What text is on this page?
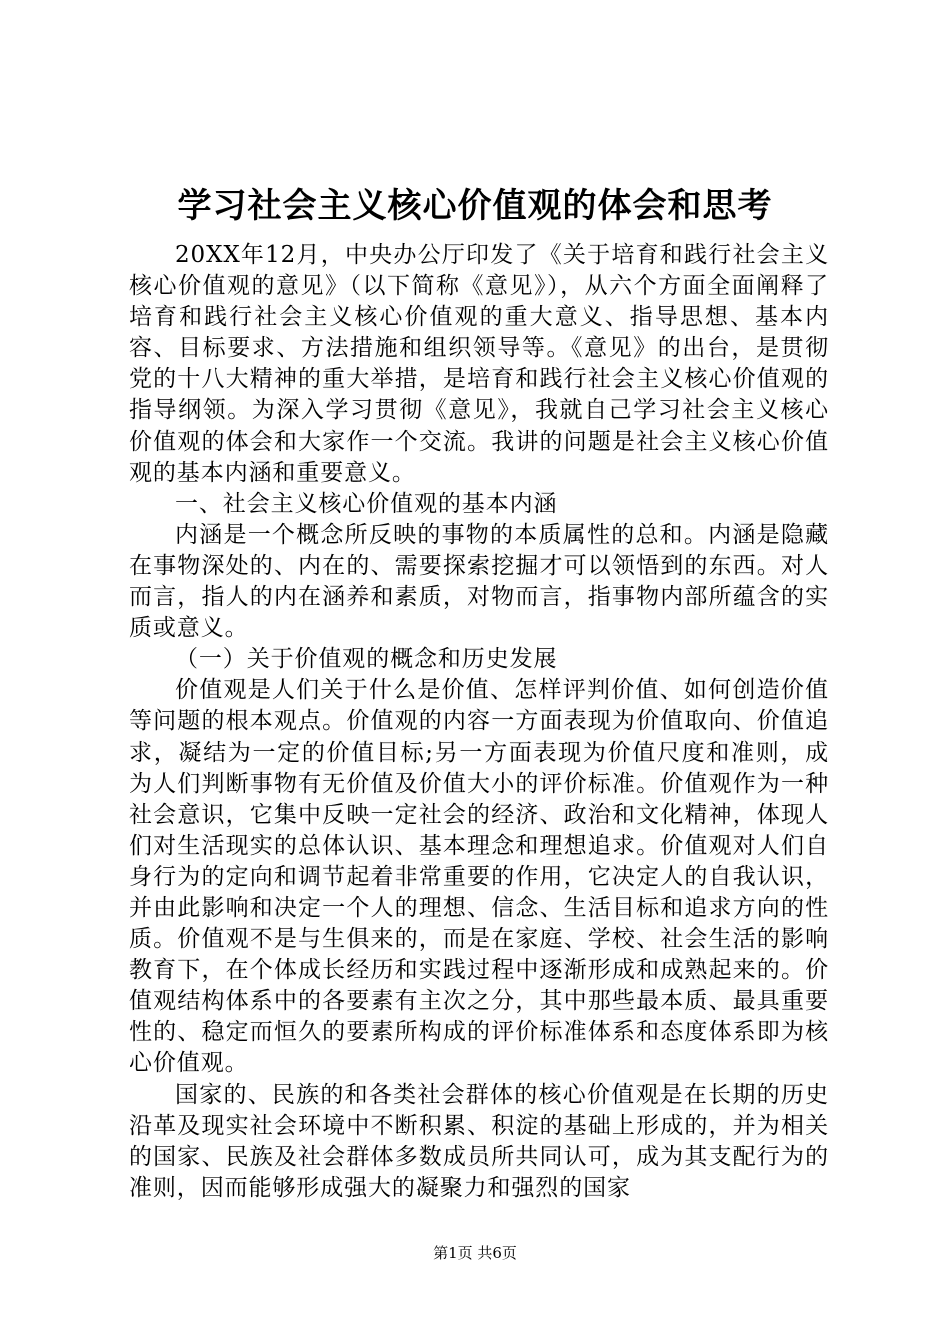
学习社会主义核心价值观的体会和思考

20XX年12月，中央办公厅印发了《关于培育和践行社会主义核心价值观的意见》（以下简称《意见》），从六个方面全面阐释了培育和践行社会主义核心价值观的重大意义、指导思想、基本内容、目标要求、方法措施和组织领导等。《意见》的出台，是贯彻党的十八大精神的重大举措，是培育和践行社会主义核心价值观的指导纲领。为深入学习贯彻《意见》，我就自己学习社会主义核心价值观的体会和大家作一个交流。我讲的问题是社会主义核心价值观的基本内涵和重要意义。

一、社会主义核心价值观的基本内涵

内涵是一个概念所反映的事物的本质属性的总和。内涵是隐藏在事物深处的、内在的、需要探索挖掘才可以领悟到的东西。对人而言，指人的内在涵养和素质，对物而言，指事物内部所蕴含的实质或意义。

（一）关于价值观的概念和历史发展

价值观是人们关于什么是价值、怎样评判价值、如何创造价值等问题的根本观点。价值观的内容一方面表现为价值取向、价值追求，凝结为一定的价值目标;另一方面表现为价值尺度和准则，成为人们判断事物有无价值及价值大小的评价标准。价值观作为一种社会意识，它集中反映一定社会的经济、政治和文化精神，体现人们对生活现实的总体认识、基本理念和理想追求。价值观对人们自身行为的定向和调节起着非常重要的作用，它决定人的自我认识，并由此影响和决定一个人的理想、信念、生活目标和追求方向的性质。价值观不是与生俱来的，而是在家庭、学校、社会生活的影响教育下，在个体成长经历和实践过程中逐渐形成和成熟起来的。价值观结构体系中的各要素有主次之分，其中那些最本质、最具重要性的、稳定而恒久的要素所构成的评价标准体系和态度体系即为核心价值观。

国家的、民族的和各类社会群体的核心价值观是在长期的历史沿革及现实社会环境中不断积累、积淀的基础上形成的，并为相关的国家、民族及社会群体多数成员所共同认可，成为其支配行为的准则，因而能够形成强大的凝聚力和强烈的国家

第1页 共6页
